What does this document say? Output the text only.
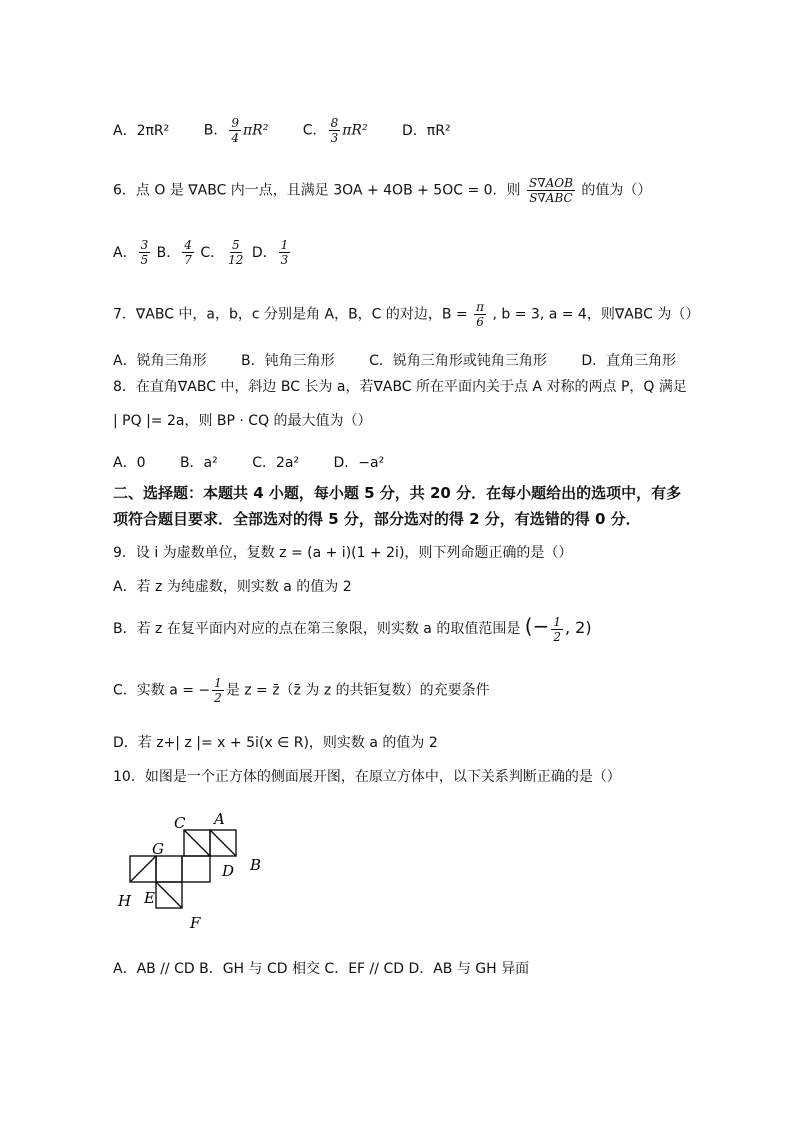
A．2πR² B． $\frac{9}{4} \pi R^2$ C． $\frac{8}{3} \pi R^2$ D．πR²
6．点 O 是 ∇ABC 内一点，且满足 3OA + 4OB + 5OC = 0．则 $\frac{\text{S∇AOB}}{\text{S∇ABC}}$ 的值为（）
A． $\frac{3}{5}$ B． $\frac{4}{7}$ C． $\frac{5}{12}$ D． $\frac{1}{3}$
7．∇ABC 中，a，b，c 分别是角 A，B，C 的对边，$B = \frac{\pi}{6}$ , b = 3, a = 4，则∇ABC 为（）
A．锐角三角形 B．钝角三角形 C．锐角三角形或钝角三角形 D．直角三角形
8．在直角∇ABC 中，斜边 BC 长为 a，若∇ABC 所在平面内关于点 A 对称的两点 P，Q 满足
| PQ |= 2a，则 BP · CQ 的最大值为（）
A．0 B．a² C．2a² D．−a²
二、选择题：本题共 4 小题，每小题 5 分，共 20 分．在每小题给出的选项中，有多
项符合题目要求．全部选对的得 5 分，部分选对的得 2 分，有选错的得 0 分．
9．设 i 为虚数单位，复数 z = (a + i)(1 + 2i)，则下列命题正确的是（）
A．若 z 为纯虚数，则实数 a 的值为 2
B．若 z 在复平面内对应的点在第三象限，则实数 a 的取值范围是 (− $\frac{1}{2}$ , 2)
C．实数 a = − $\frac{1}{2}$ 是 z = z̄（z̄ 为 z 的共钜复数）的充要条件
D．若 z+| z |= x + 5i(x ∈ R)，则实数 a 的值为 2
10．如图是一个正方体的侧面展开图，在原立方体中，以下关系判断正确的是（）
C A
G
D B
H E
F
A．AB // CD B．GH 与 CD 相交 C．EF // CD D．AB 与 GH 异面
